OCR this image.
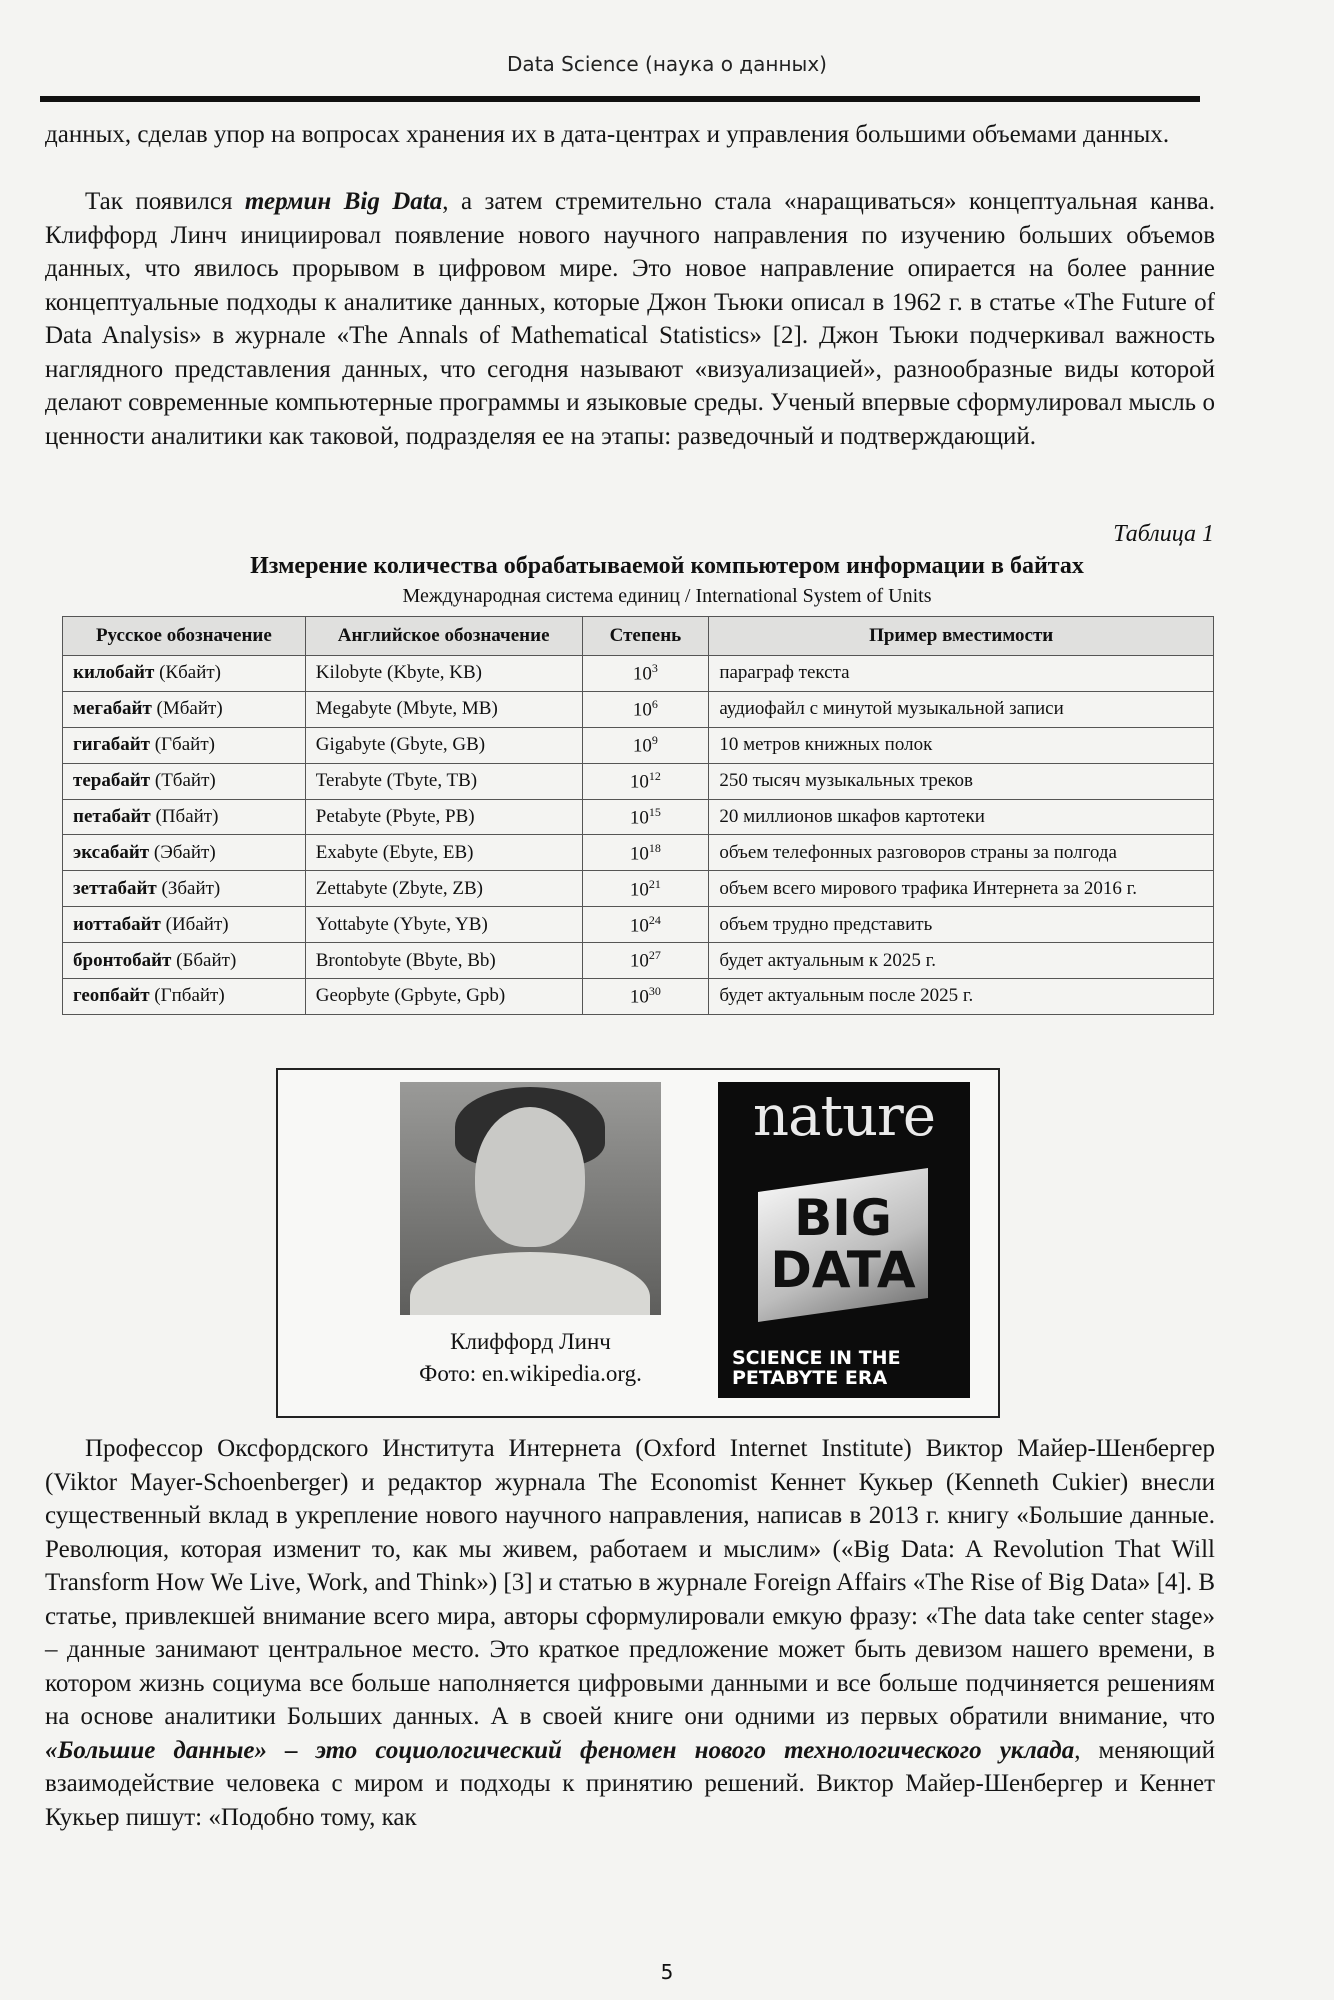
Data Science (наука о данных)

данных, сделав упор на вопросах хранения их в дата-центрах и управления большими объемами данных.

Так появился термин Big Data, а затем стремительно стала «наращиваться» концептуальная канва. Клиффорд Линч инициировал появление нового научного направления по изучению больших объемов данных, что явилось прорывом в цифровом мире. Это новое направление опирается на более ранние концептуальные подходы к аналитике данных, которые Джон Тьюки описал в 1962 г. в статье «The Future of Data Analysis» в журнале «The Annals of Mathematical Statistics» [2]. Джон Тьюки подчеркивал важность наглядного представления данных, что сегодня называют «визуализацией», разнообразные виды которой делают современные компьютерные программы и языковые среды. Ученый впервые сформулировал мысль о ценности аналитики как таковой, подразделяя ее на этапы: разведочный и подтверждающий.

Таблица 1
Измерение количества обрабатываемой компьютером информации в байтах
Международная система единиц / International System of Units
Русское обозначение	Английское обозначение	Степень	Пример вместимости
килобайт (Кбайт)	Kilobyte (Kbyte, KB)	$10^3$	параграф текста
мегабайт (Мбайт)	Megabyte (Mbyte, MB)	$10^6$	аудиофайл с минутой музыкальной записи
гигабайт (Гбайт)	Gigabyte (Gbyte, GB)	$10^9$	10 метров книжных полок
терабайт (Тбайт)	Terabyte (Tbyte, TB)	$10^{12}$	250 тысяч музыкальных треков
петабайт (Пбайт)	Petabyte (Pbyte, PB)	$10^{15}$	20 миллионов шкафов картотеки
эксабайт (Эбайт)	Exabyte (Ebyte, EB)	$10^{18}$	объем телефонных разговоров страны за полгода
зеттабайт (Збайт)	Zettabyte (Zbyte, ZB)	$10^{21}$	объем всего мирового трафика Интернета за 2016 г.
иоттабайт (Ибайт)	Yottabyte (Ybyte, YB)	$10^{24}$	объем трудно представить
бронтобайт (Ббайт)	Brontobyte (Bbyte, Bb)	$10^{27}$	будет актуальным к 2025 г.
геопбайт (Гпбайт)	Geopbyte (Gpbyte, Gpb)	$10^{30}$	будет актуальным после 2025 г.
Клиффорд Линч
Фото: en.wikipedia.org.
nature
BIG DATA
SCIENCE IN THE PETABYTE ERA

Профессор Оксфордского Института Интернета (Oxford Internet Institute) Виктор Майер-Шенбергер (Viktor Mayer-Schoenberger) и редактор журнала The Economist Кеннет Кукьер (Kenneth Cukier) внесли существенный вклад в укрепление нового научного направления, написав в 2013 г. книгу «Большие данные. Революция, которая изменит то, как мы живем, работаем и мыслим» («Big Data: A Revolution That Will Transform How We Live, Work, and Think») [3] и статью в журнале Foreign Affairs «The Rise of Big Data» [4]. В статье, привлекшей внимание всего мира, авторы сформулировали емкую фразу: «The data take center stage» – данные занимают центральное место. Это краткое предложение может быть девизом нашего времени, в котором жизнь социума все больше наполняется цифровыми данными и все больше подчиняется решениям на основе аналитики Больших данных. А в своей книге они одними из первых обратили внимание, что «Большие данные» – это социологический феномен нового технологического уклада, меняющий взаимодействие человека с миром и подходы к принятию решений. Виктор Майер-Шенбергер и Кеннет Кукьер пишут: «Подобно тому, как

5
